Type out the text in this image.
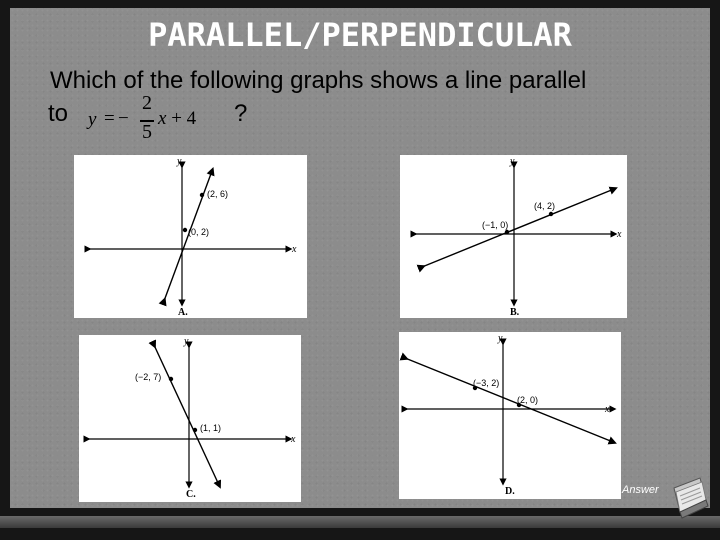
PARALLEL/PERPENDICULAR
Which of the following graphs shows a line parallel
to	?
y = −
2
5
x + 4
x
y
(2, 6)
(0, 2)
A.
x
y
(4, 2)
(−1, 0)
B.
x
y
(−2, 7)
(1, 1)
C.
x
y
(−3, 2)
(2, 0)
D.	Answer
